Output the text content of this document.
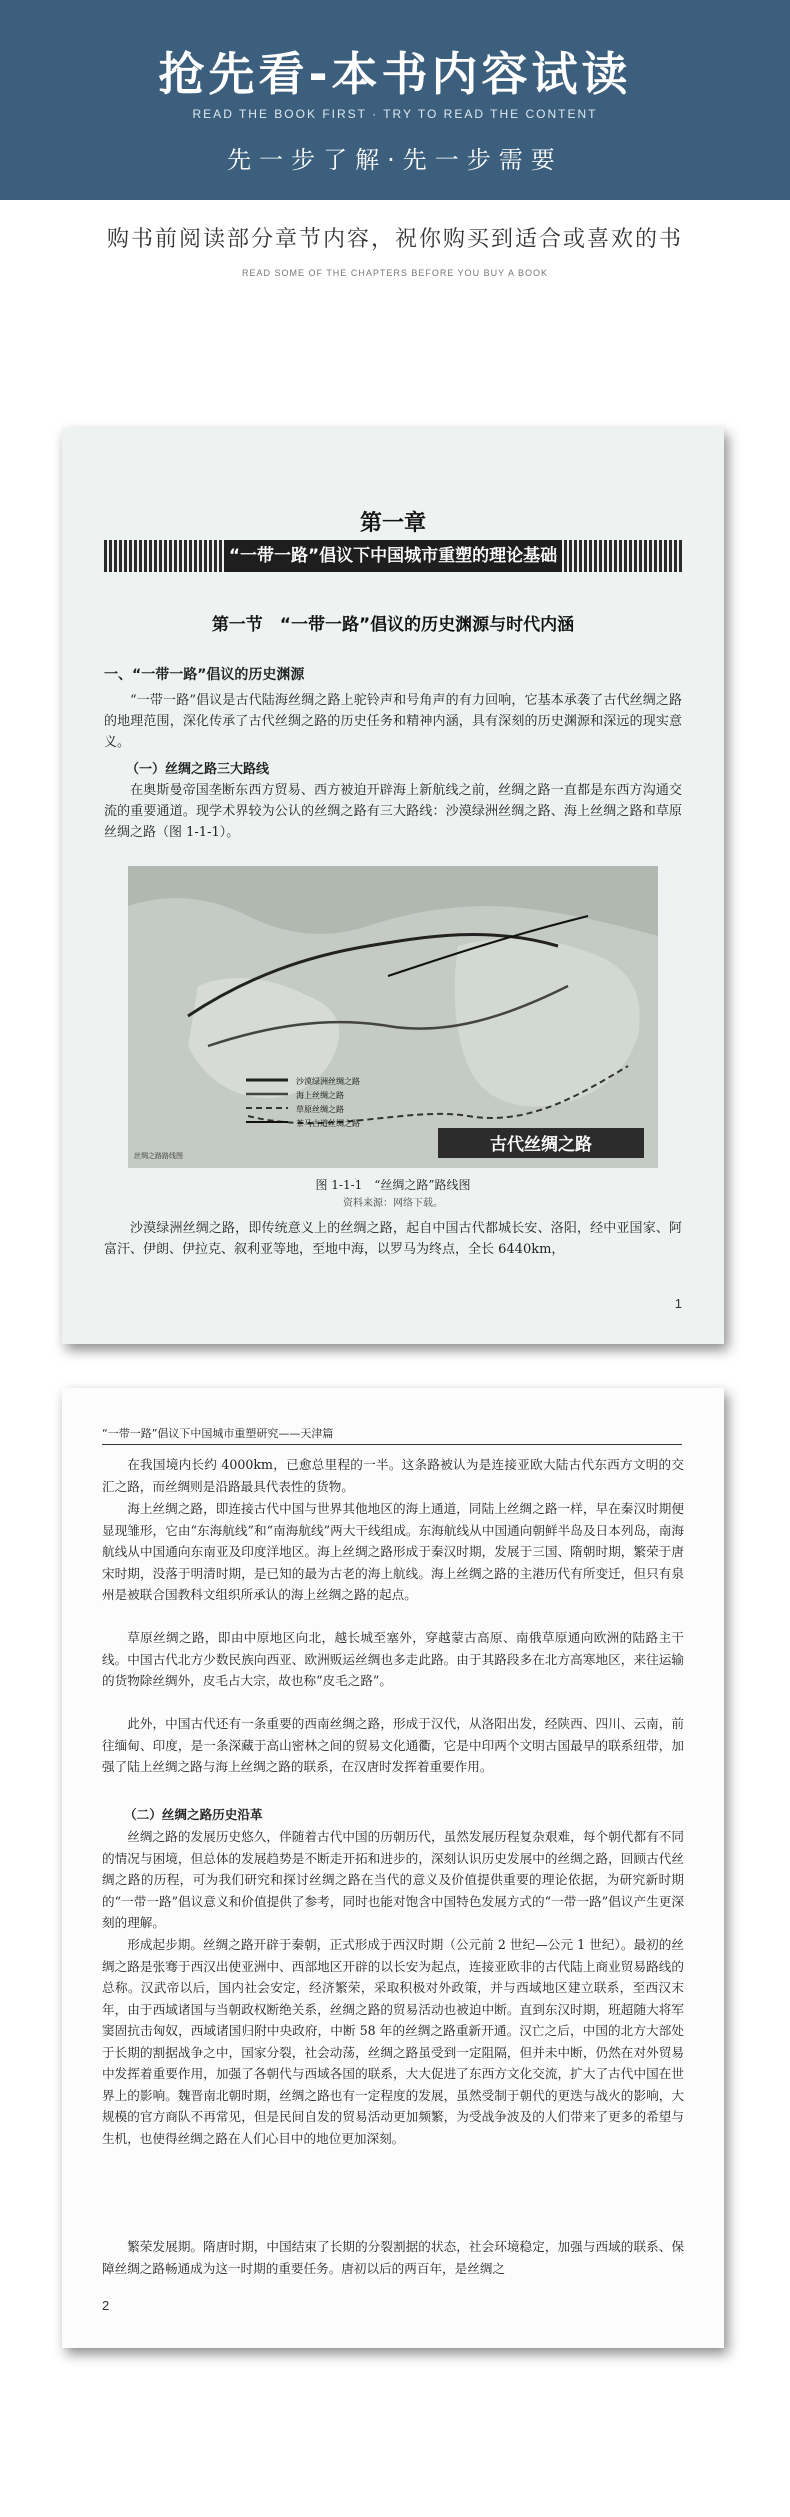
抢先看-本书内容试读
READ THE BOOK FIRST · TRY TO READ THE CONTENT
先一步了解·先一步需要
购书前阅读部分章节内容，祝你购买到适合或喜欢的书
READ SOME OF THE CHAPTERS BEFORE YOU BUY A BOOK
第一章
“一带一路”倡议下中国城市重塑的理论基础
第一节　“一带一路”倡议的历史渊源与时代内涵
一、“一带一路”倡议的历史渊源

“一带一路”倡议是古代陆海丝绸之路上驼铃声和号角声的有力回响，它基本承袭了古代丝绸之路的地理范围，深化传承了古代丝绸之路的历史任务和精神内涵，具有深刻的历史渊源和深远的现实意义。

（一）丝绸之路三大路线

在奥斯曼帝国垄断东西方贸易、西方被迫开辟海上新航线之前，丝绸之路一直都是东西方沟通交流的重要通道。现学术界较为公认的丝绸之路有三大路线：沙漠绿洲丝绸之路、海上丝绸之路和草原丝绸之路（图 1-1-1）。

沙漠绿洲丝绸之路
海上丝绸之路
草原丝绸之路
茶马古道丝绸之路
古代丝绸之路
丝绸之路路线图
图 1-1-1　“丝绸之路”路线图
资料来源：网络下载。

沙漠绿洲丝绸之路，即传统意义上的丝绸之路，起自中国古代都城长安、洛阳，经中亚国家、阿富汗、伊朗、伊拉克、叙利亚等地，至地中海，以罗马为终点，全长 6440km，

1
“一带一路”倡议下中国城市重塑研究——天津篇

在我国境内长约 4000km，已愈总里程的一半。这条路被认为是连接亚欧大陆古代东西方文明的交汇之路，而丝绸则是沿路最具代表性的货物。

海上丝绸之路，即连接古代中国与世界其他地区的海上通道，同陆上丝绸之路一样，早在秦汉时期便显现雏形，它由“东海航线”和“南海航线”两大干线组成。东海航线从中国通向朝鲜半岛及日本列岛，南海航线从中国通向东南亚及印度洋地区。海上丝绸之路形成于秦汉时期，发展于三国、隋朝时期，繁荣于唐宋时期，没落于明清时期，是已知的最为古老的海上航线。海上丝绸之路的主港历代有所变迁，但只有泉州是被联合国教科文组织所承认的海上丝绸之路的起点。

草原丝绸之路，即由中原地区向北，越长城至塞外，穿越蒙古高原、南俄草原通向欧洲的陆路主干线。中国古代北方少数民族向西亚、欧洲贩运丝绸也多走此路。由于其路段多在北方高寒地区，来往运输的货物除丝绸外，皮毛占大宗，故也称“皮毛之路”。

此外，中国古代还有一条重要的西南丝绸之路，形成于汉代，从洛阳出发，经陕西、四川、云南，前往缅甸、印度，是一条深藏于高山密林之间的贸易文化通衢，它是中印两个文明古国最早的联系纽带，加强了陆上丝绸之路与海上丝绸之路的联系，在汉唐时发挥着重要作用。

（二）丝绸之路历史沿革

丝绸之路的发展历史悠久，伴随着古代中国的历朝历代，虽然发展历程复杂艰难，每个朝代都有不同的情况与困境，但总体的发展趋势是不断走开拓和进步的，深刻认识历史发展中的丝绸之路，回顾古代丝绸之路的历程，可为我们研究和探讨丝绸之路在当代的意义及价值提供重要的理论依据，为研究新时期的“一带一路”倡议意义和价值提供了参考，同时也能对饱含中国特色发展方式的“一带一路”倡议产生更深刻的理解。

形成起步期。丝绸之路开辟于秦朝，正式形成于西汉时期（公元前 2 世纪—公元 1 世纪）。最初的丝绸之路是张骞于西汉出使亚洲中、西部地区开辟的以长安为起点，连接亚欧非的古代陆上商业贸易路线的总称。汉武帝以后，国内社会安定，经济繁荣，采取积极对外政策，并与西域地区建立联系，至西汉末年，由于西域诸国与当朝政权断绝关系，丝绸之路的贸易活动也被迫中断。直到东汉时期，班超随大将军窦固抗击匈奴，西域诸国归附中央政府，中断 58 年的丝绸之路重新开通。汉亡之后，中国的北方大部处于长期的割据战争之中，国家分裂，社会动荡，丝绸之路虽受到一定阻隔，但并未中断，仍然在对外贸易中发挥着重要作用，加强了各朝代与西域各国的联系，大大促进了东西方文化交流，扩大了古代中国在世界上的影响。魏晋南北朝时期，丝绸之路也有一定程度的发展，虽然受制于朝代的更迭与战火的影响，大规模的官方商队不再常见，但是民间自发的贸易活动更加频繁，为受战争波及的人们带来了更多的希望与生机，也使得丝绸之路在人们心目中的地位更加深刻。

繁荣发展期。隋唐时期，中国结束了长期的分裂割据的状态，社会环境稳定，加强与西域的联系、保障丝绸之路畅通成为这一时期的重要任务。唐初以后的两百年，是丝绸之

2
